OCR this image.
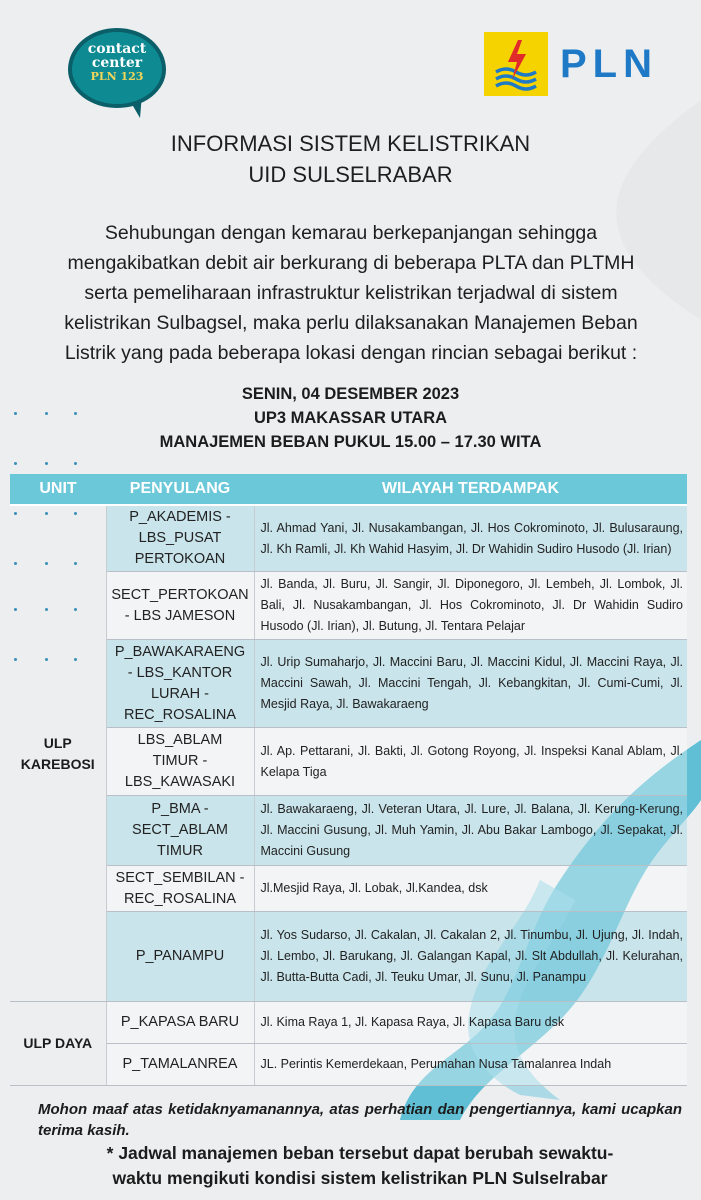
contact
center
PLN 123	PLN
INFORMASI SISTEM KELISTRIKAN
UID SULSELRABAR
Sehubungan dengan kemarau berkepanjangan sehingga
mengakibatkan debit air berkurang di beberapa PLTA dan PLTMH
serta pemeliharaan infrastruktur kelistrikan terjadwal di sistem
kelistrikan Sulbagsel, maka perlu dilaksanakan Manajemen Beban
Listrik yang pada beberapa lokasi dengan rincian sebagai berikut :
SENIN, 04 DESEMBER 2023
UP3 MAKASSAR UTARA
MANAJEMEN BEBAN PUKUL 15.00 – 17.30 WITA
UNIT	PENYULANG	WILAYAH TERDAMPAK
ULP
KAREBOSI	P_AKADEMIS -
LBS_PUSAT
PERTOKOAN	Jl. Ahmad Yani, Jl. Nusakambangan, Jl. Hos Cokrominoto, Jl. Bulusaraung, Jl. Kh Ramli, Jl. Kh Wahid Hasyim, Jl. Dr Wahidin Sudiro Husodo (Jl. Irian)
	SECT_PERTOKOAN
- LBS JAMESON	Jl. Banda, Jl. Buru, Jl. Sangir, Jl. Diponegoro, Jl. Lembeh, Jl. Lombok, Jl. Bali, Jl. Nusakambangan, Jl. Hos Cokrominoto, Jl. Dr Wahidin Sudiro Husodo (Jl. Irian), Jl. Butung, Jl. Tentara Pelajar
	P_BAWAKARAENG
- LBS_KANTOR
LURAH -
REC_ROSALINA	Jl. Urip Sumaharjo, Jl. Maccini Baru, Jl. Maccini Kidul, Jl. Maccini Raya, Jl. Maccini Sawah, Jl. Maccini Tengah, Jl. Kebangkitan, Jl. Cumi-Cumi, Jl. Mesjid Raya, Jl. Bawakaraeng
	LBS_ABLAM
TIMUR -
LBS_KAWASAKI	Jl. Ap. Pettarani, Jl. Bakti, Jl. Gotong Royong, Jl. Inspeksi Kanal Ablam, Jl. Kelapa Tiga
	P_BMA -
SECT_ABLAM
TIMUR	Jl. Bawakaraeng, Jl. Veteran Utara, Jl. Lure, Jl. Balana, Jl. Kerung-Kerung, Jl. Maccini Gusung, Jl. Muh Yamin, Jl. Abu Bakar Lambogo, Jl. Sepakat, Jl. Maccini Gusung
	SECT_SEMBILAN -
REC_ROSALINA	Jl.Mesjid Raya, Jl. Lobak, Jl.Kandea, dsk
	P_PANAMPU	Jl. Yos Sudarso, Jl. Cakalan, Jl. Cakalan 2, Jl. Tinumbu, Jl. Ujung, Jl. Indah, Jl. Lembo, Jl. Barukang, Jl. Galangan Kapal, Jl. Slt Abdullah, Jl. Kelurahan, Jl. Butta-Butta Cadi, Jl. Teuku Umar, Jl. Sunu, Jl. Panampu
ULP DAYA	P_KAPASA BARU	Jl. Kima Raya 1, Jl. Kapasa Raya, Jl. Kapasa Baru dsk
	P_TAMALANREA	JL. Perintis Kemerdekaan, Perumahan Nusa Tamalanrea Indah
Mohon maaf atas ketidaknyamanannya, atas perhatian dan pengertiannya, kami ucapkan terima kasih.
* Jadwal manajemen beban tersebut dapat berubah sewaktu-
waktu mengikuti kondisi sistem kelistrikan PLN Sulselrabar
